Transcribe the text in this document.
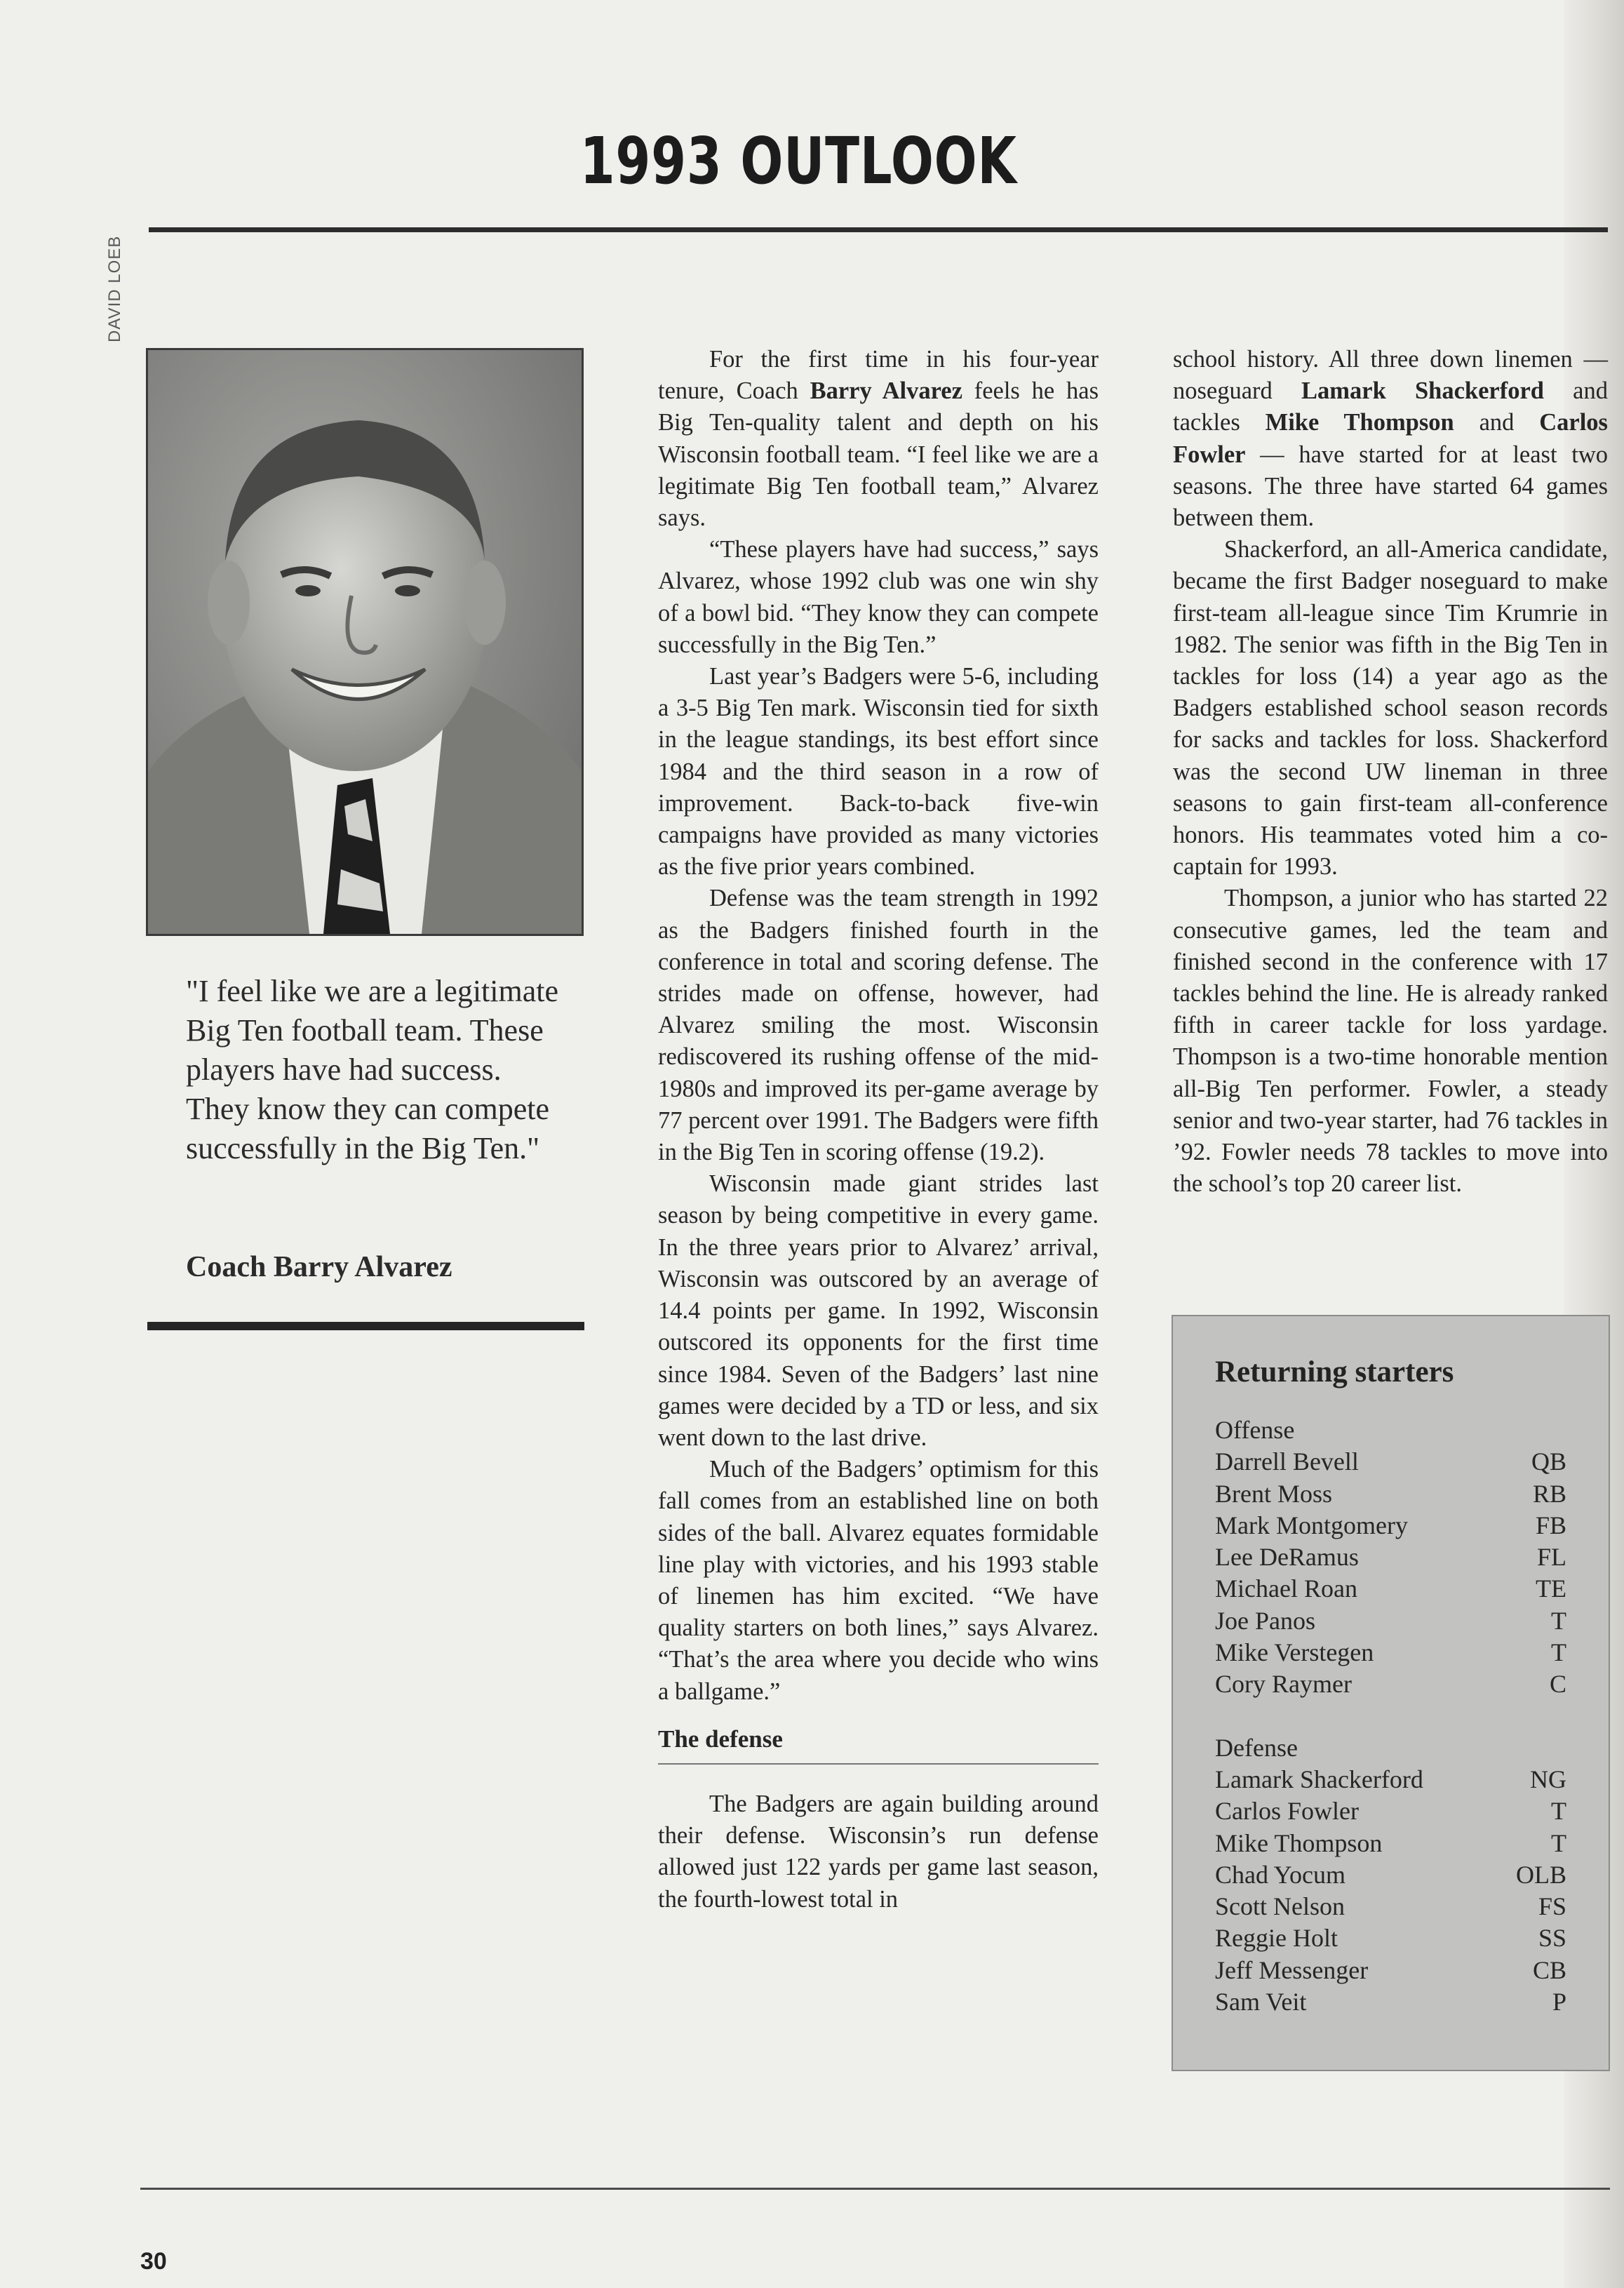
1993 OUTLOOK
DAVID LOEB
"I feel like we are a legitimate Big Ten football team. These players have had success. They know they can compete successfully in the Big Ten."
Coach Barry Alvarez

For the first time in his four-year tenure, Coach Barry Alvarez feels he has Big Ten-quality talent and depth on his Wisconsin football team. “I feel like we are a legitimate Big Ten football team,” Alvarez says.

“These players have had success,” says Alvarez, whose 1992 club was one win shy of a bowl bid. “They know they can compete successfully in the Big Ten.”

Last year’s Badgers were 5-6, including a 3-5 Big Ten mark. Wisconsin tied for sixth in the league standings, its best effort since 1984 and the third season in a row of improvement. Back-to-back five-win campaigns have provided as many victories as the five prior years combined.

Defense was the team strength in 1992 as the Badgers finished fourth in the conference in total and scoring defense. The strides made on offense, however, had Alvarez smiling the most. Wisconsin rediscovered its rushing offense of the mid-1980s and improved its per-game average by 77 percent over 1991. The Badgers were fifth in the Big Ten in scoring offense (19.2).

Wisconsin made giant strides last season by being competitive in every game. In the three years prior to Alvarez’ arrival, Wisconsin was outscored by an average of 14.4 points per game. In 1992, Wisconsin outscored its opponents for the first time since 1984. Seven of the Badgers’ last nine games were decided by a TD or less, and six went down to the last drive.

Much of the Badgers’ optimism for this fall comes from an established line on both sides of the ball. Alvarez equates formidable line play with victories, and his 1993 stable of linemen has him excited. “We have quality starters on both lines,” says Alvarez. “That’s the area where you decide who wins a ballgame.”

The defense

The Badgers are again building around their defense. Wisconsin’s run defense allowed just 122 yards per game last season, the fourth-lowest total in

school history. All three down linemen — noseguard Lamark Shackerford and tackles Mike Thompson and Carlos Fowler — have started for at least two seasons. The three have started 64 games between them.

Shackerford, an all-America candidate, became the first Badger noseguard to make first-team all-league since Tim Krumrie in 1982. The senior was fifth in the Big Ten in tackles for loss (14) a year ago as the Badgers established school season records for sacks and tackles for loss. Shackerford was the second UW lineman in three seasons to gain first-team all-conference honors. His teammates voted him a co-captain for 1993.

Thompson, a junior who has started 22 consecutive games, led the team and finished second in the conference with 17 tackles behind the line. He is already ranked fifth in career tackle for loss yardage. Thompson is a two-time honorable mention all-Big Ten performer. Fowler, a steady senior and two-year starter, had 76 tackles in ’92. Fowler needs 78 tackles to move into the school’s top 20 career list.

Returning starters
Offense
Darrell Bevell	QB
Brent Moss	RB
Mark Montgomery	FB
Lee DeRamus	FL
Michael Roan	TE
Joe Panos	T
Mike Verstegen	T
Cory Raymer	C
Defense
Lamark Shackerford	NG
Carlos Fowler	T
Mike Thompson	T
Chad Yocum	OLB
Scott Nelson	FS
Reggie Holt	SS
Jeff Messenger	CB
Sam Veit	P
30
